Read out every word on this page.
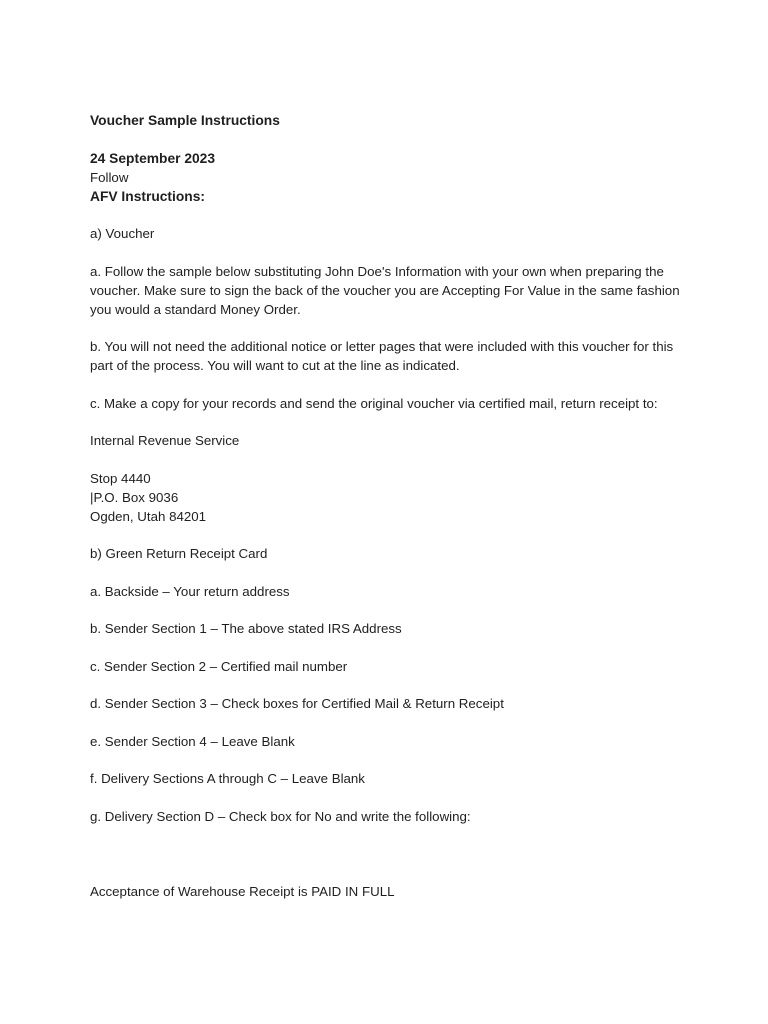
Voucher Sample Instructions

24 September 2023

Follow

AFV Instructions:

a) Voucher

a. Follow the sample below substituting John Doe's Information with your own when preparing the voucher. Make sure to sign the back of the voucher you are Accepting For Value in the same fashion you would a standard Money Order.

b. You will not need the additional notice or letter pages that were included with this voucher for this part of the process. You will want to cut at the line as indicated.

c. Make a copy for your records and send the original voucher via certified mail, return receipt to:

Internal Revenue Service

Stop 4440

|P.O. Box 9036

Ogden, Utah 84201

b) Green Return Receipt Card

a. Backside – Your return address

b. Sender Section 1 – The above stated IRS Address

c. Sender Section 2 – Certified mail number

d. Sender Section 3 – Check boxes for Certified Mail & Return Receipt

e. Sender Section 4 – Leave Blank

f. Delivery Sections A through C – Leave Blank

g. Delivery Section D – Check box for No and write the following:

Acceptance of Warehouse Receipt is PAID IN FULL
